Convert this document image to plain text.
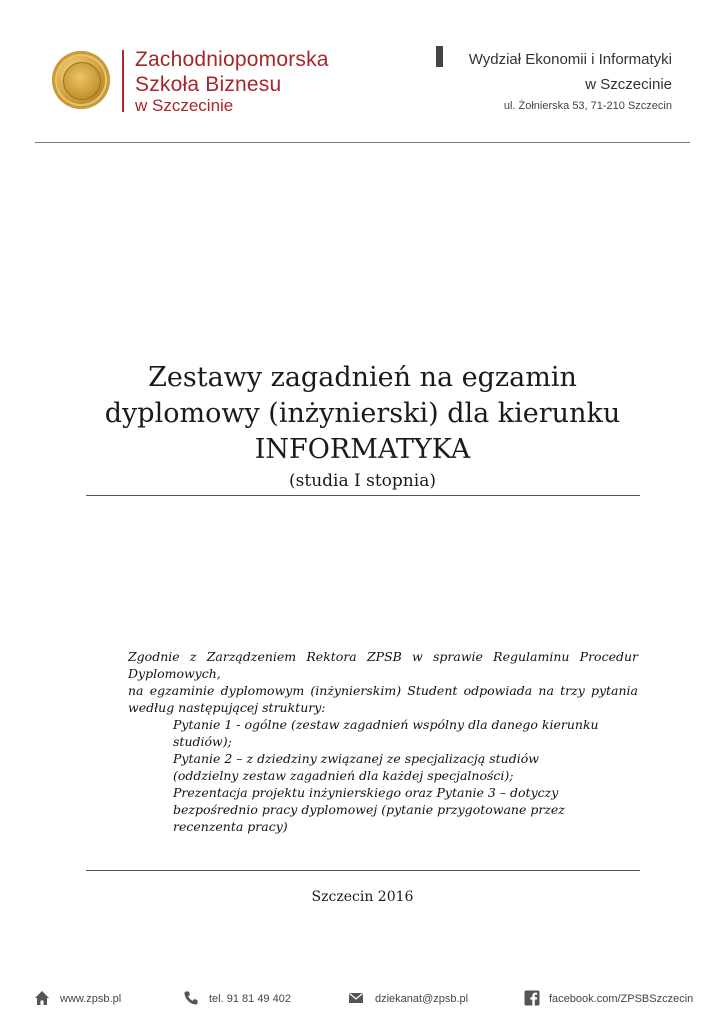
Zachodniopomorska
Szkoła Biznesu
w Szczecinie
Wydział Ekonomii i Informatyki
w Szczecinie
ul. Żołnierska 53, 71-210 Szczecin
Zestawy zagadnień na egzamin
dyplomowy (inżynierski) dla kierunku
INFORMATYKA
(studia I stopnia)

Zgodnie z Zarządzeniem Rektora ZPSB w sprawie Regulaminu Procedur Dyplomowych,

na egzaminie dyplomowym (inżynierskim) Student odpowiada na trzy pytania według następującej struktury:

Pytanie 1 - ogólne (zestaw zagadnień wspólny dla danego kierunku studiów);

Pytanie 2 – z dziedziny związanej ze specjalizacją studiów

(oddzielny zestaw zagadnień dla każdej specjalności);

Prezentacja projektu inżynierskiego oraz Pytanie 3 – dotyczy bezpośrednio pracy dyplomowej (pytanie przygotowane przez recenzenta pracy)

Szczecin 2016
www.zpsb.pl	tel. 91 81 49 402	dziekanat@zpsb.pl	facebook.com/ZPSBSzczecin
